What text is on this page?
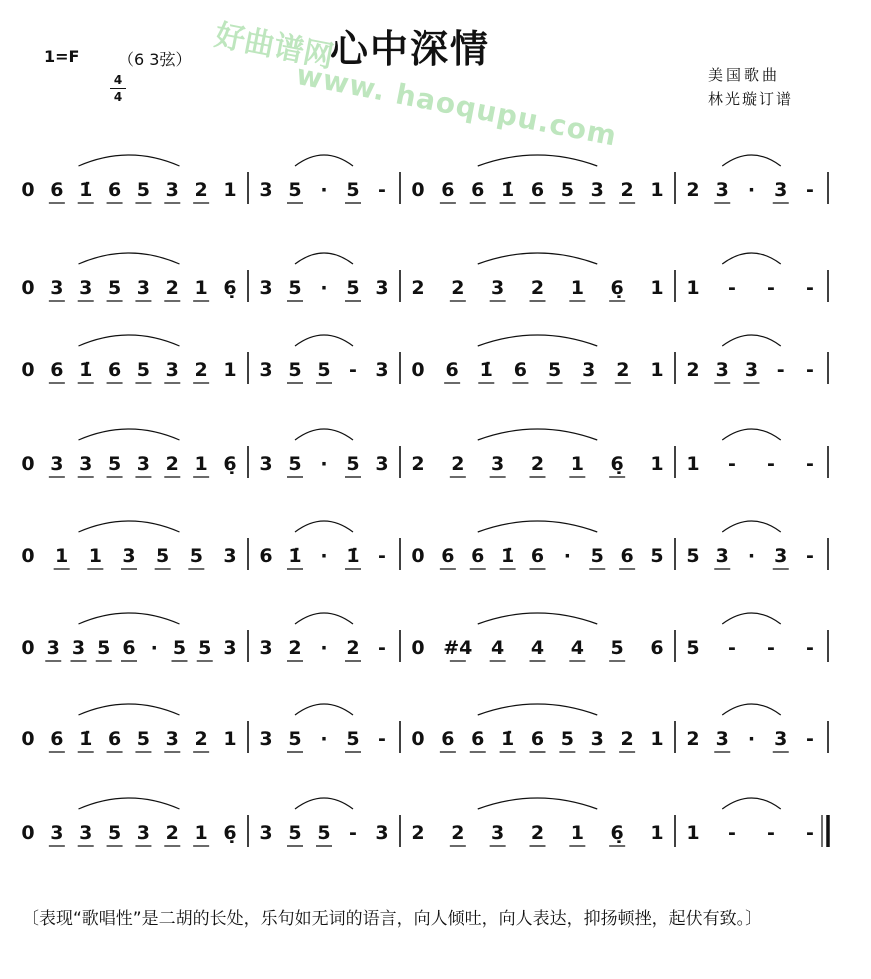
心中深情
好曲谱网
www. haoqupu.com
1=F （6 3弦）
4
4
美国歌曲
林光璇订谱
0 6 1̇ 6 5 3 2 1 3 5 · 5 - 0 6 6 1̇ 6 5 3 2 1 2 3 · 3 -
0 3 3 5 3 2 1 6̣ 3 5 · 5 3 2 2 3 2 1 6̣ 1 1 - - -
0 6 1̇ 6 5 3 2 1 3 5 5 - 3 0 6 1̇ 6 5 3 2 1 2 3 3 - -
0 3 3 5 3 2 1 6̣ 3 5 · 5 3 2 2 3 2 1 6̣ 1 1 - - -
0 1 1 3 5 5 3 6 1̇ · 1̇ - 0 6 6 1̇ 6 · 5 6 5 5 3 · 3 -
0 3 3 5 6 · 5 5 3 3 2 · 2 - 0 #4 4 4 4 5 6 5 - - -
0 6 1̇ 6 5 3 2 1 3 5 · 5 - 0 6 6 1̇ 6 5 3 2 1 2 3 · 3 -
0 3 3 5 3 2 1 6̣ 3 5 5 - 3 2 2 3 2 1 6̣ 1 1 - - -
〔表现“歌唱性”是二胡的长处，乐句如无词的语言，向人倾吐，向人表达，抑扬顿挫，起伏有致。〕
